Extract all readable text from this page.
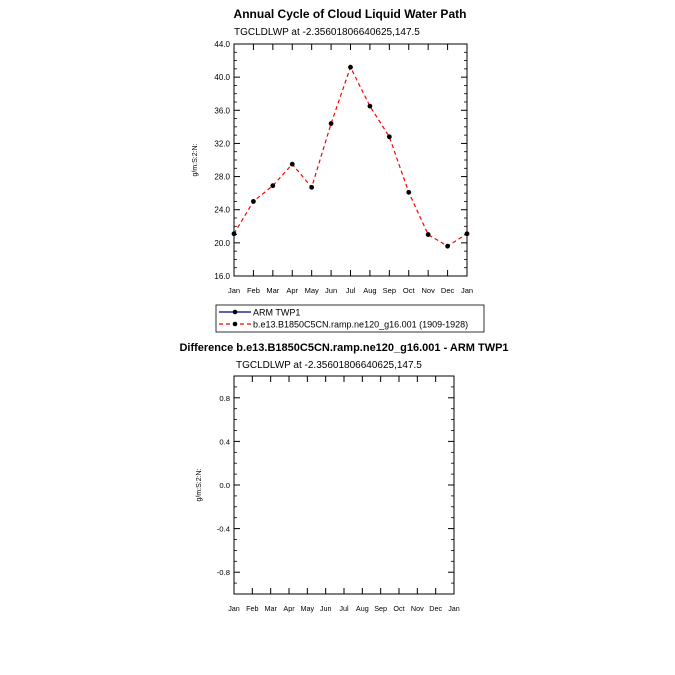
Annual Cycle of Cloud Liquid Water Path
TGCLDLWP at -2.35601806640625,147.5
g/m:S:2:N:
Jan Feb Mar Apr May Jun Jul Aug Sep Oct Nov Dec Jan
16.0
20.0
24.0
28.0
32.0
36.0
40.0
44.0
ARM TWP1
b.e13.B1850C5CN.ramp.ne120_g16.001 (1909-1928)
Difference b.e13.B1850C5CN.ramp.ne120_g16.001 - ARM TWP1
TGCLDLWP at -2.35601806640625,147.5
g/m:S:2:N:
Jan Feb Mar Apr May Jun Jul Aug Sep Oct Nov Dec Jan
-0.8
-0.4
0.0
0.4
0.8
